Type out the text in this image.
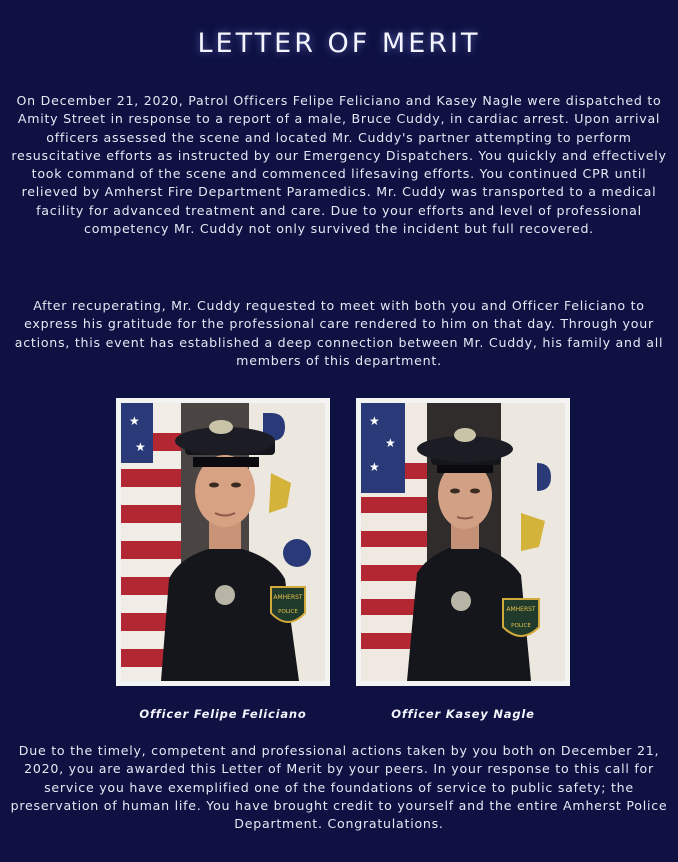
LETTER OF MERIT

On December 21, 2020, Patrol Officers Felipe Feliciano and Kasey Nagle were dispatched to Amity Street in response to a report of a male, Bruce Cuddy, in cardiac arrest. Upon arrival officers assessed the scene and located Mr. Cuddy's partner attempting to perform resuscitative efforts as instructed by our Emergency Dispatchers. You quickly and effectively took command of the scene and commenced lifesaving efforts. You continued CPR until relieved by Amherst Fire Department Paramedics. Mr. Cuddy was transported to a medical facility for advanced treatment and care. Due to your efforts and level of professional competency Mr. Cuddy not only survived the incident but full recovered.

After recuperating, Mr. Cuddy requested to meet with both you and Officer Feliciano to express his gratitude for the professional care rendered to him on that day. Through your actions, this event has established a deep connection between Mr. Cuddy, his family and all members of this department.

★
★
AMHERST
POLICE
★
★
★
AMHERST
POLICE
Officer Felipe Feliciano	Officer Kasey Nagle

Due to the timely, competent and professional actions taken by you both on December 21, 2020, you are awarded this Letter of Merit by your peers. In your response to this call for service you have exemplified one of the foundations of service to public safety; the preservation of human life. You have brought credit to yourself and the entire Amherst Police Department. Congratulations.
